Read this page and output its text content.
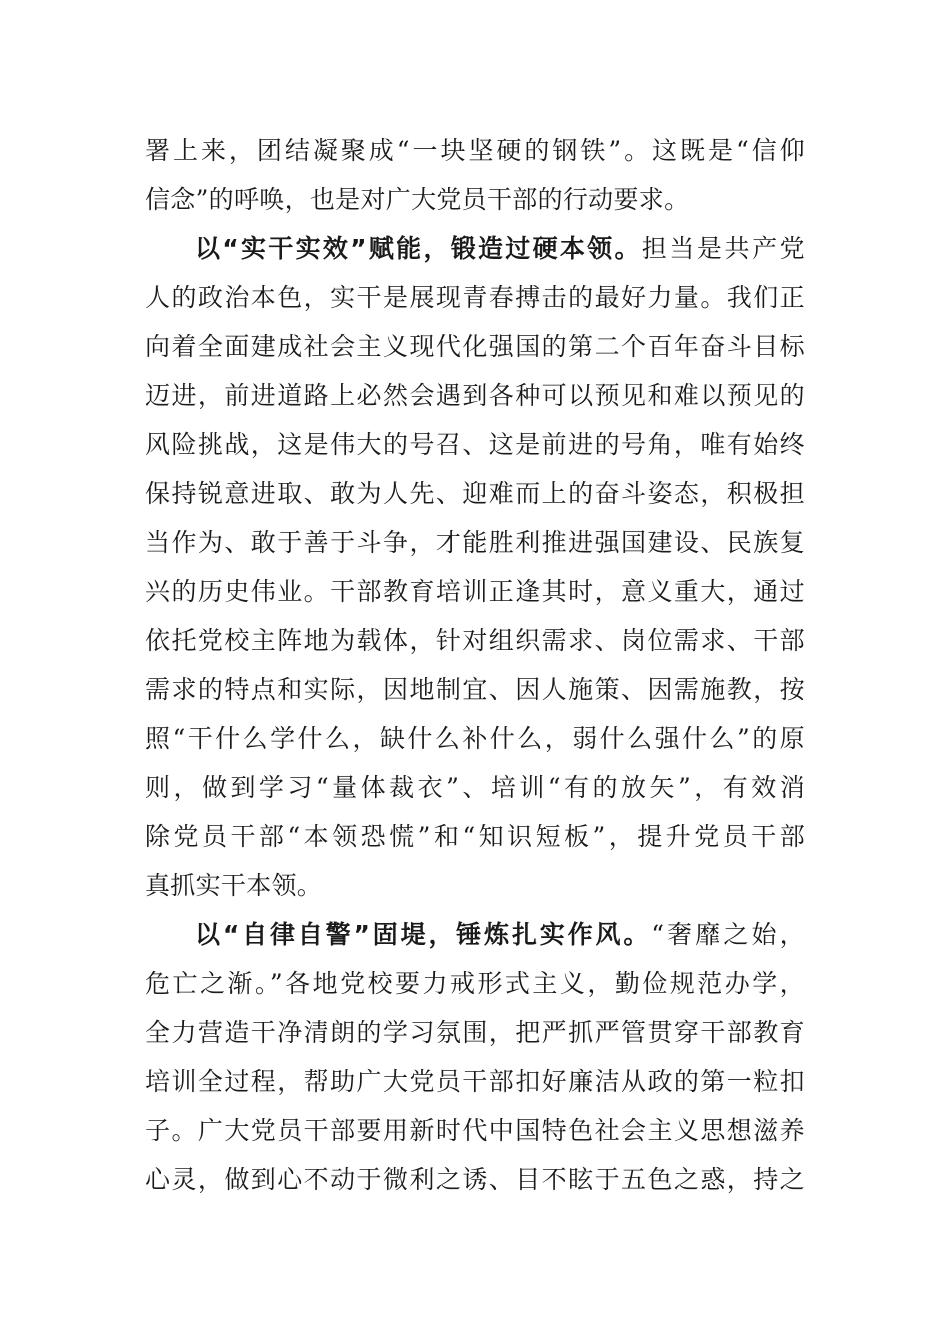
署上来，团结凝聚成“一块坚硬的钢铁”。这既是“信仰
信念”的呼唤，也是对广大党员干部的行动要求。
以“实干实效”赋能，锻造过硬本领。担当是共产党
人的政治本色，实干是展现青春搏击的最好力量。我们正
向着全面建成社会主义现代化强国的第二个百年奋斗目标
迈进，前进道路上必然会遇到各种可以预见和难以预见的
风险挑战，这是伟大的号召、这是前进的号角，唯有始终
保持锐意进取、敢为人先、迎难而上的奋斗姿态，积极担
当作为、敢于善于斗争，才能胜利推进强国建设、民族复
兴的历史伟业。干部教育培训正逢其时，意义重大，通过
依托党校主阵地为载体，针对组织需求、岗位需求、干部
需求的特点和实际，因地制宜、因人施策、因需施教，按
照“干什么学什么，缺什么补什么，弱什么强什么”的原
则，做到学习“量体裁衣”、培训“有的放矢”，有效消
除党员干部“本领恐慌”和“知识短板”，提升党员干部
真抓实干本领。
以“自律自警”固堤，锤炼扎实作风。“奢靡之始，
危亡之渐。”各地党校要力戒形式主义，勤俭规范办学，
全力营造干净清朗的学习氛围，把严抓严管贯穿干部教育
培训全过程，帮助广大党员干部扣好廉洁从政的第一粒扣
子。广大党员干部要用新时代中国特色社会主义思想滋养
心灵，做到心不动于微利之诱、目不眩于五色之惑，持之
